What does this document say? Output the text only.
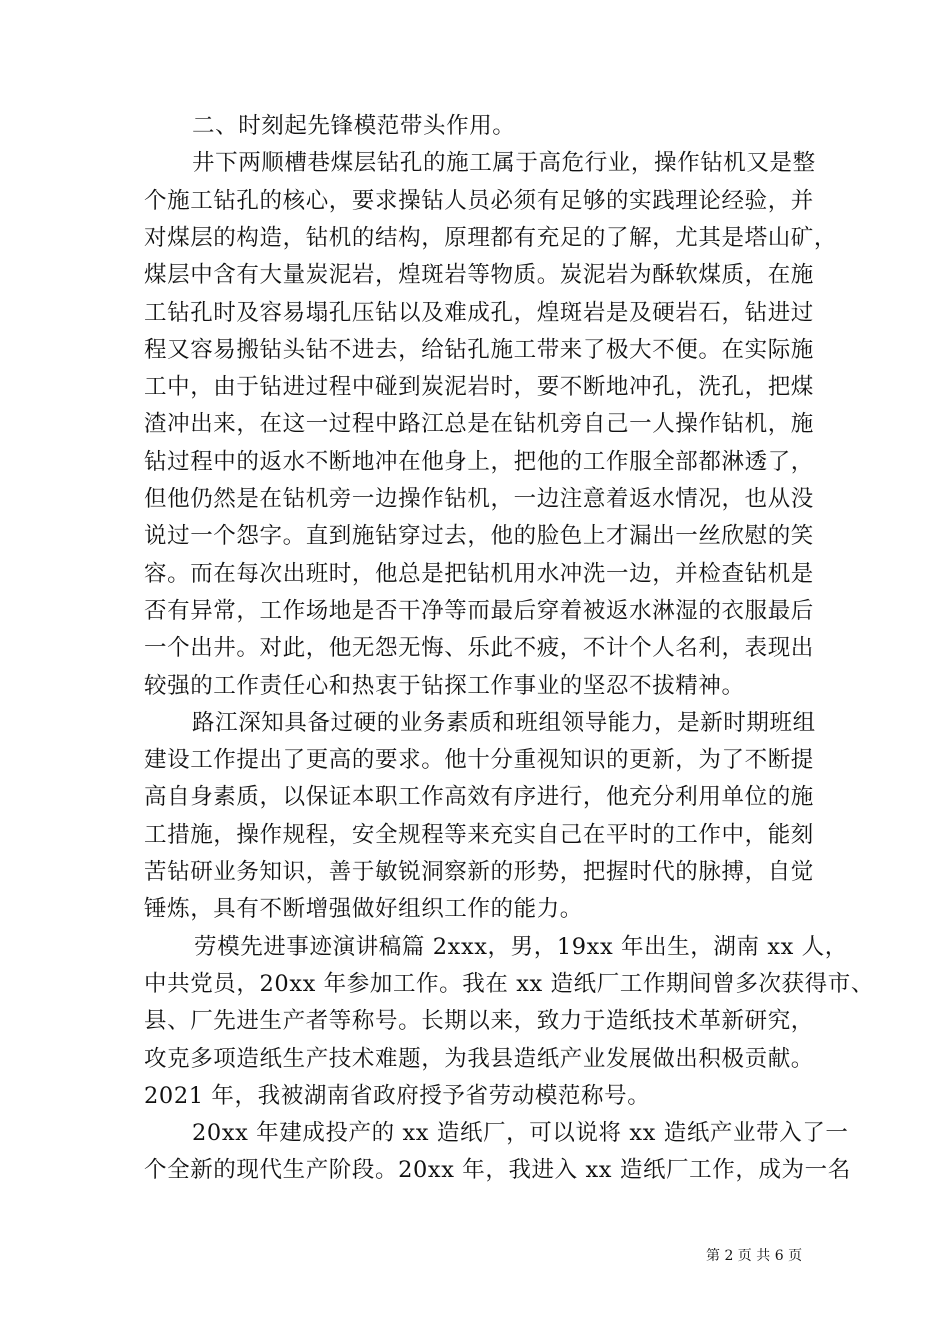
二、时刻起先锋模范带头作用。
井下两顺槽巷煤层钻孔的施工属于高危行业，操作钻机又是整
个施工钻孔的核心，要求操钻人员必须有足够的实践理论经验，并
对煤层的构造，钻机的结构，原理都有充足的了解，尤其是塔山矿，
煤层中含有大量炭泥岩，煌斑岩等物质。炭泥岩为酥软煤质，在施
工钻孔时及容易塌孔压钻以及难成孔，煌斑岩是及硬岩石，钻进过
程又容易搬钻头钻不进去，给钻孔施工带来了极大不便。在实际施
工中，由于钻进过程中碰到炭泥岩时，要不断地冲孔，洗孔，把煤
渣冲出来，在这一过程中路江总是在钻机旁自己一人操作钻机，施
钻过程中的返水不断地冲在他身上，把他的工作服全部都淋透了，
但他仍然是在钻机旁一边操作钻机，一边注意着返水情况，也从没
说过一个怨字。直到施钻穿过去，他的脸色上才漏出一丝欣慰的笑
容。而在每次出班时，他总是把钻机用水冲洗一边，并检查钻机是
否有异常，工作场地是否干净等而最后穿着被返水淋湿的衣服最后
一个出井。对此，他无怨无悔、乐此不疲，不计个人名利，表现出
较强的工作责任心和热衷于钻探工作事业的坚忍不拔精神。
路江深知具备过硬的业务素质和班组领导能力，是新时期班组
建设工作提出了更高的要求。他十分重视知识的更新，为了不断提
高自身素质，以保证本职工作高效有序进行，他充分利用单位的施
工措施，操作规程，安全规程等来充实自己在平时的工作中，能刻
苦钻研业务知识，善于敏锐洞察新的形势，把握时代的脉搏，自觉
锤炼，具有不断增强做好组织工作的能力。
劳模先进事迹演讲稿篇 2xxx，男，19xx 年出生，湖南 xx 人，
中共党员，20xx 年参加工作。我在 xx 造纸厂工作期间曾多次获得市、
县、厂先进生产者等称号。长期以来，致力于造纸技术革新研究，
攻克多项造纸生产技术难题，为我县造纸产业发展做出积极贡献。
2021 年，我被湖南省政府授予省劳动模范称号。
20xx 年建成投产的 xx 造纸厂，可以说将 xx 造纸产业带入了一
个全新的现代生产阶段。20xx 年，我进入 xx 造纸厂工作，成为一名
第 2 页 共 6 页
